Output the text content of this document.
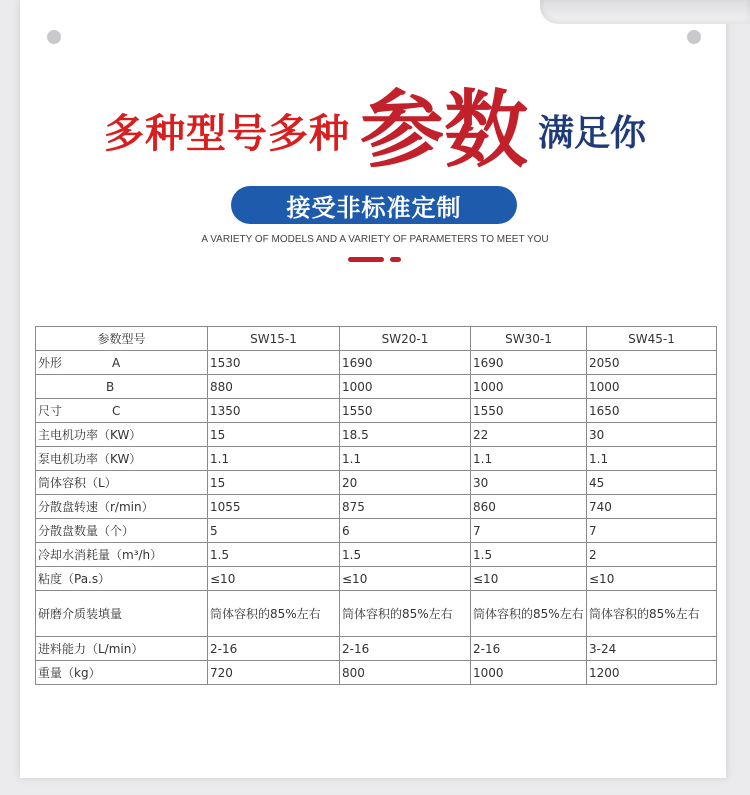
多种型号多种 参数 满足你
接受非标准定制
A VARIETY OF MODELS AND A VARIETY OF PARAMETERS TO MEET YOU
参数型号	SW15-1	SW20-1	SW30-1	SW45-1
外形 A	1530	1690	1690	2050
B	880	1000	1000	1000
尺寸 C	1350	1550	1550	1650
主电机功率（KW）	15	18.5	22	30
泵电机功率（KW）	1.1	1.1	1.1	1.1
筒体容积（L）	15	20	30	45
分散盘转速（r/min）	1055	875	860	740
分散盘数量（个）	5	6	7	7
冷却水消耗量（m³/h）	1.5	1.5	1.5	2
粘度（Pa.s）	≤10	≤10	≤10	≤10
研磨介质装填量	筒体容积的85%左右	筒体容积的85%左右	筒体容积的85%左右	筒体容积的85%左右
进料能力（L/min）	2-16	2-16	2-16	3-24
重量（kg）	720	800	1000	1200
